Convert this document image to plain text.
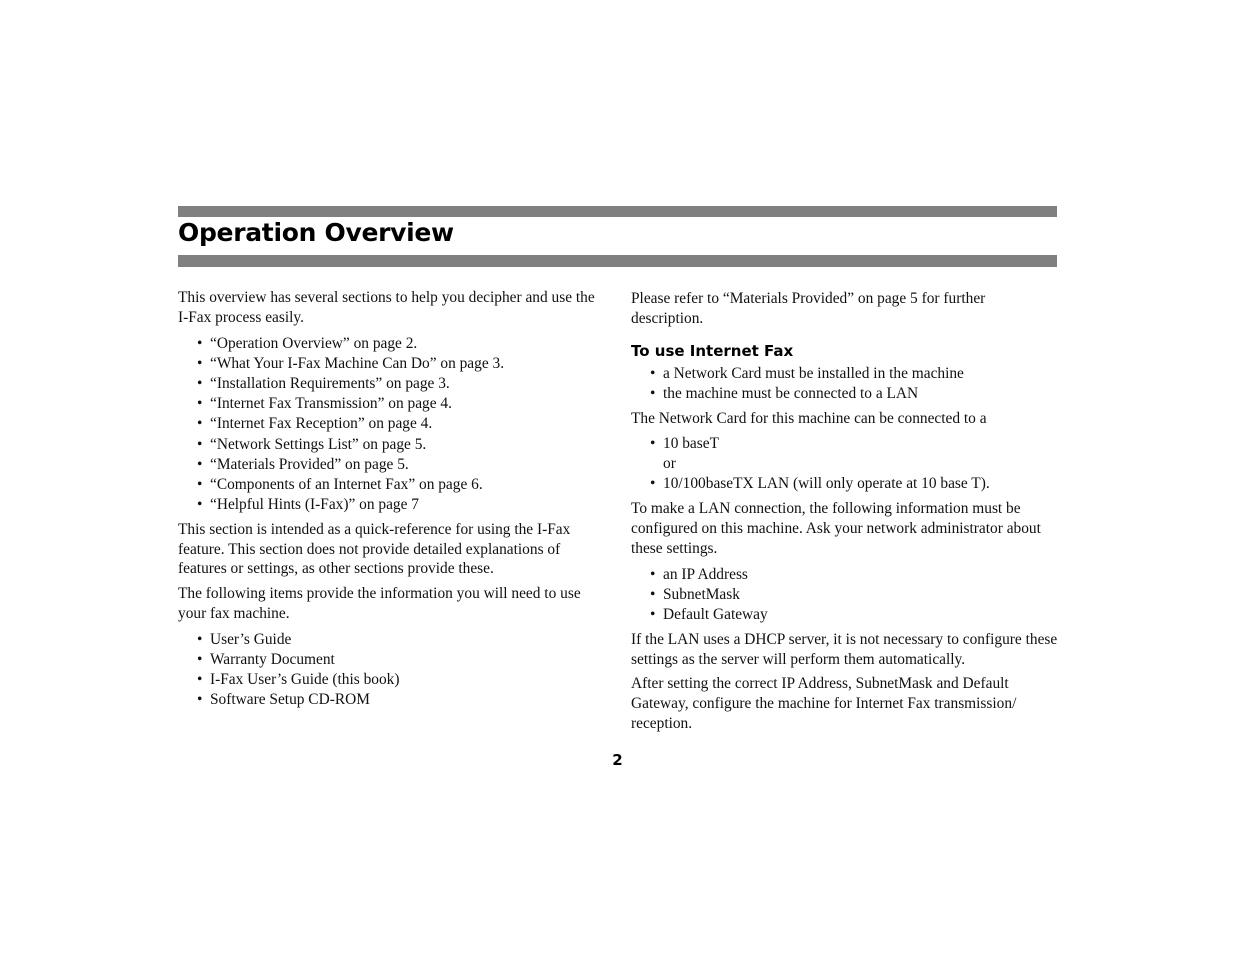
Operation Overview

This overview has several sections to help you decipher and use the I-Fax process easily.

• “Operation Overview” on page 2.
• “What Your I-Fax Machine Can Do” on page 3.
• “Installation Requirements” on page 3.
• “Internet Fax Transmission” on page 4.
• “Internet Fax Reception” on page 4.
• “Network Settings List” on page 5.
• “Materials Provided” on page 5.
• “Components of an Internet Fax” on page 6.
• “Helpful Hints (I-Fax)” on page 7

This section is intended as a quick-reference for using the I-Fax feature. This section does not provide detailed explanations of features or settings, as other sections provide these.

The following items provide the information you will need to use your fax machine.

• User’s Guide
• Warranty Document
• I-Fax User’s Guide (this book)
• Software Setup CD-ROM

Please refer to “Materials Provided” on page 5 for further description.

To use Internet Fax
• a Network Card must be installed in the machine
• the machine must be connected to a LAN

The Network Card for this machine can be connected to a

• 10 baseT
or
• 10/100baseTX LAN (will only operate at 10 base T).

To make a LAN connection, the following information must be configured on this machine. Ask your network administrator about these settings.

• an IP Address
• SubnetMask
• Default Gateway

If the LAN uses a DHCP server, it is not necessary to configure these settings as the server will perform them automatically.

After setting the correct IP Address, SubnetMask and Default Gateway, configure the machine for Internet Fax transmission/ reception.

2
